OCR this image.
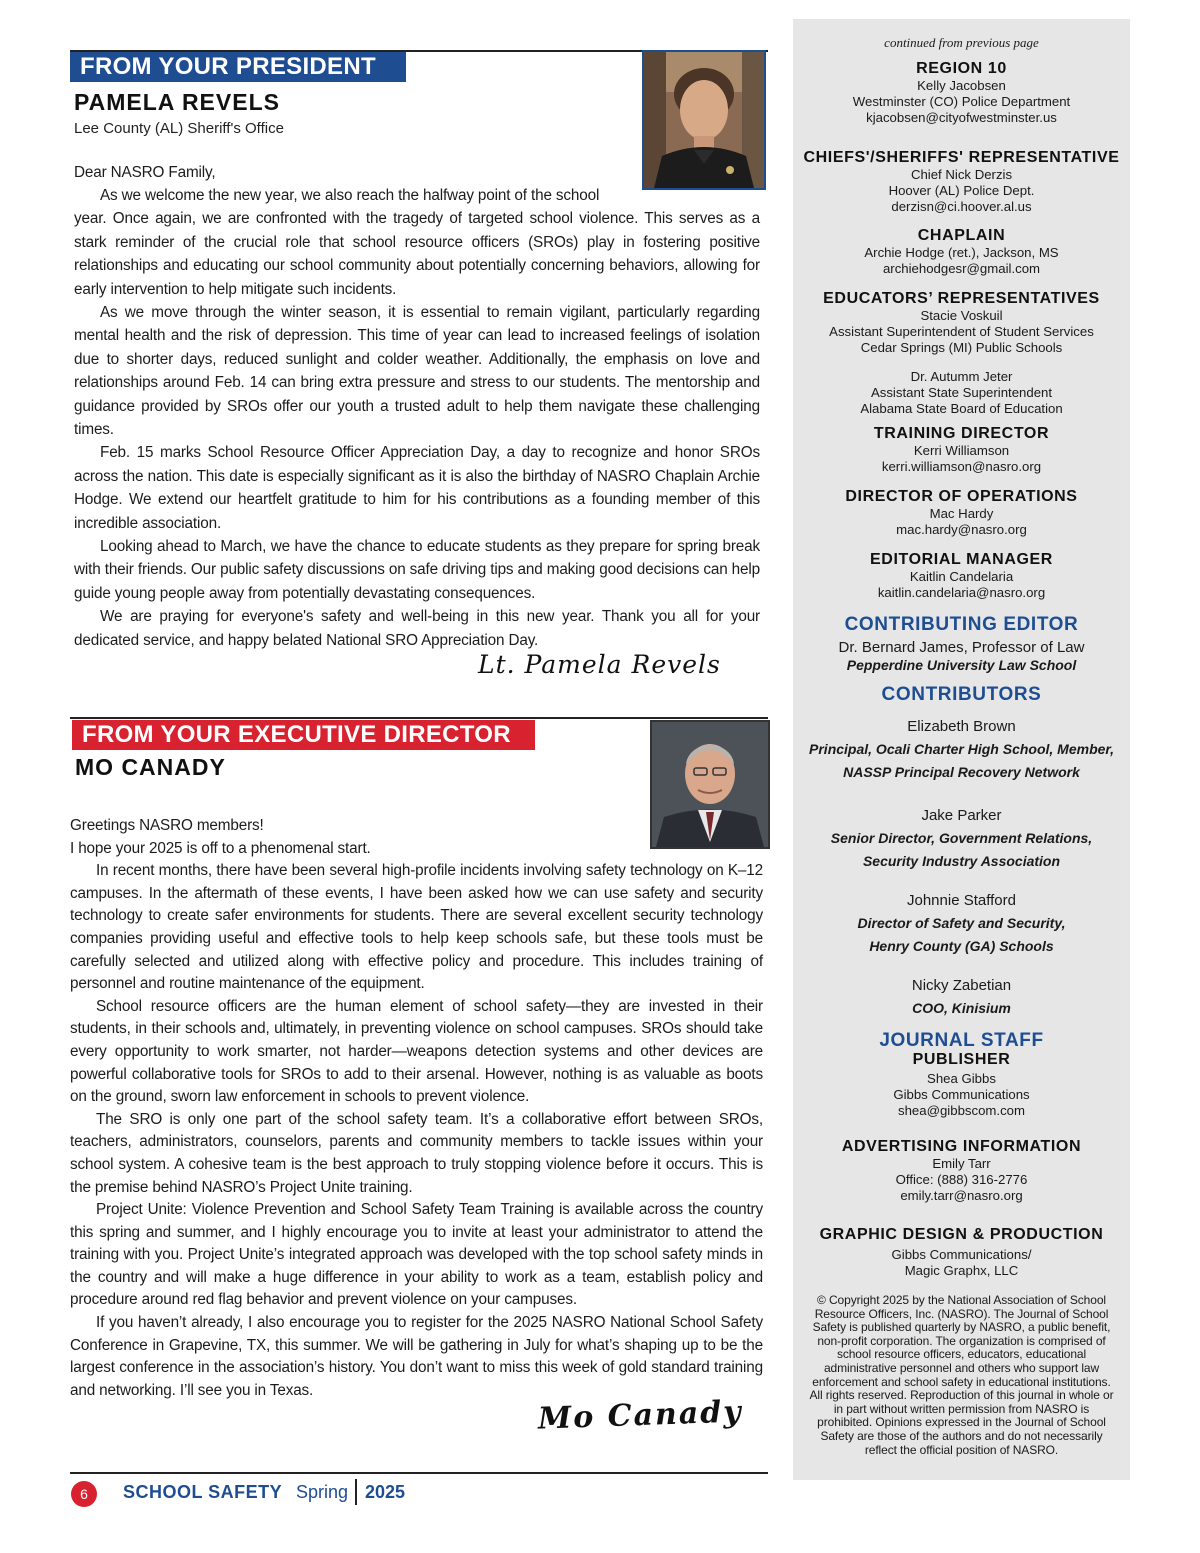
FROM YOUR PRESIDENT
PAMELA REVELS
Lee County (AL) Sheriff's Office

Dear NASRO Family,

As we welcome the new year, we also reach the halfway point of the school

year. Once again, we are confronted with the tragedy of targeted school violence. This serves as a stark reminder of the crucial role that school resource officers (SROs) play in fostering positive relationships and educating our school community about potentially concerning behaviors, allowing for early intervention to help mitigate such incidents.

As we move through the winter season, it is essential to remain vigilant, particularly regarding mental health and the risk of depression. This time of year can lead to increased feelings of isolation due to shorter days, reduced sunlight and colder weather. Additionally, the emphasis on love and relationships around Feb. 14 can bring extra pressure and stress to our students. The mentorship and guidance provided by SROs offer our youth a trusted adult to help them navigate these challenging times.

Feb. 15 marks School Resource Officer Appreciation Day, a day to recognize and honor SROs across the nation. This date is especially significant as it is also the birthday of NASRO Chaplain Archie Hodge. We extend our heartfelt gratitude to him for his contributions as a founding member of this incredible association.

Looking ahead to March, we have the chance to educate students as they prepare for spring break with their friends. Our public safety discussions on safe driving tips and making good decisions can help guide young people away from potentially devastating consequences.

We are praying for everyone's safety and well-being in this new year. Thank you all for your dedicated service, and happy belated National SRO Appreciation Day.

Lt. Pamela Revels
FROM YOUR EXECUTIVE DIRECTOR
MO CANADY

Greetings NASRO members!

I hope your 2025 is off to a phenomenal start.

In recent months, there have been several high-profile incidents involving safety technology on K–12 campuses. In the aftermath of these events, I have been asked how we can use safety and security technology to create safer environments for students. There are several excellent security technology companies providing useful and effective tools to help keep schools safe, but these tools must be carefully selected and utilized along with effective policy and procedure. This includes training of personnel and routine maintenance of the equipment.

School resource officers are the human element of school safety—they are invested in their students, in their schools and, ultimately, in preventing violence on school campuses. SROs should take every opportunity to work smarter, not harder—weapons detection systems and other devices are powerful collaborative tools for SROs to add to their arsenal. However, nothing is as valuable as boots on the ground, sworn law enforcement in schools to prevent violence.

The SRO is only one part of the school safety team. It’s a collaborative effort between SROs, teachers, administrators, counselors, parents and community members to tackle issues within your school system. A cohesive team is the best approach to truly stopping violence before it occurs. This is the premise behind NASRO’s Project Unite training.

Project Unite: Violence Prevention and School Safety Team Training is available across the country this spring and summer, and I highly encourage you to invite at least your administrator to attend the training with you. Project Unite’s integrated approach was developed with the top school safety minds in the country and will make a huge difference in your ability to work as a team, establish policy and procedure around red flag behavior and prevent violence on your campuses.

If you haven’t already, I also encourage you to register for the 2025 NASRO National School Safety Conference in Grapevine, TX, this summer. We will be gathering in July for what’s shaping up to be the largest conference in the association’s history. You don’t want to miss this week of gold standard training and networking. I’ll see you in Texas.

Mo Canady
6	SCHOOL SAFETY Spring 2025
continued from previous page
REGION 10
Kelly Jacobsen
Westminster (CO) Police Department
kjacobsen@cityofwestminster.us
CHIEFS'/SHERIFFS' REPRESENTATIVE
Chief Nick Derzis
Hoover (AL) Police Dept.
derzisn@ci.hoover.al.us
CHAPLAIN
Archie Hodge (ret.), Jackson, MS
archiehodgesr@gmail.com
EDUCATORS’ REPRESENTATIVES
Stacie Voskuil
Assistant Superintendent of Student Services
Cedar Springs (MI) Public Schools
Dr. Autumm Jeter
Assistant State Superintendent
Alabama State Board of Education
TRAINING DIRECTOR
Kerri Williamson
kerri.williamson@nasro.org
DIRECTOR OF OPERATIONS
Mac Hardy
mac.hardy@nasro.org
EDITORIAL MANAGER
Kaitlin Candelaria
kaitlin.candelaria@nasro.org
CONTRIBUTING EDITOR
Dr. Bernard James, Professor of Law
Pepperdine University Law School
CONTRIBUTORS
Elizabeth Brown
Principal, Ocali Charter High School, Member,
NASSP Principal Recovery Network
Jake Parker
Senior Director, Government Relations,
Security Industry Association
Johnnie Stafford
Director of Safety and Security,
Henry County (GA) Schools
Nicky Zabetian
COO, Kinisium
JOURNAL STAFF
PUBLISHER
Shea Gibbs
Gibbs Communications
shea@gibbscom.com
ADVERTISING INFORMATION
Emily Tarr
Office: (888) 316-2776
emily.tarr@nasro.org
GRAPHIC DESIGN & PRODUCTION
Gibbs Communications/
Magic Graphx, LLC
© Copyright 2025 by the National Association of School Resource Officers, Inc. (NASRO). The Journal of School Safety is published quarterly by NASRO, a public benefit, non-profit corporation. The organization is comprised of school resource officers, educators, educational administrative personnel and others who support law enforcement and school safety in educational institutions. All rights reserved. Reproduction of this journal in whole or in part without written permission from NASRO is prohibited. Opinions expressed in the Journal of School Safety are those of the authors and do not necessarily reflect the official position of NASRO.
